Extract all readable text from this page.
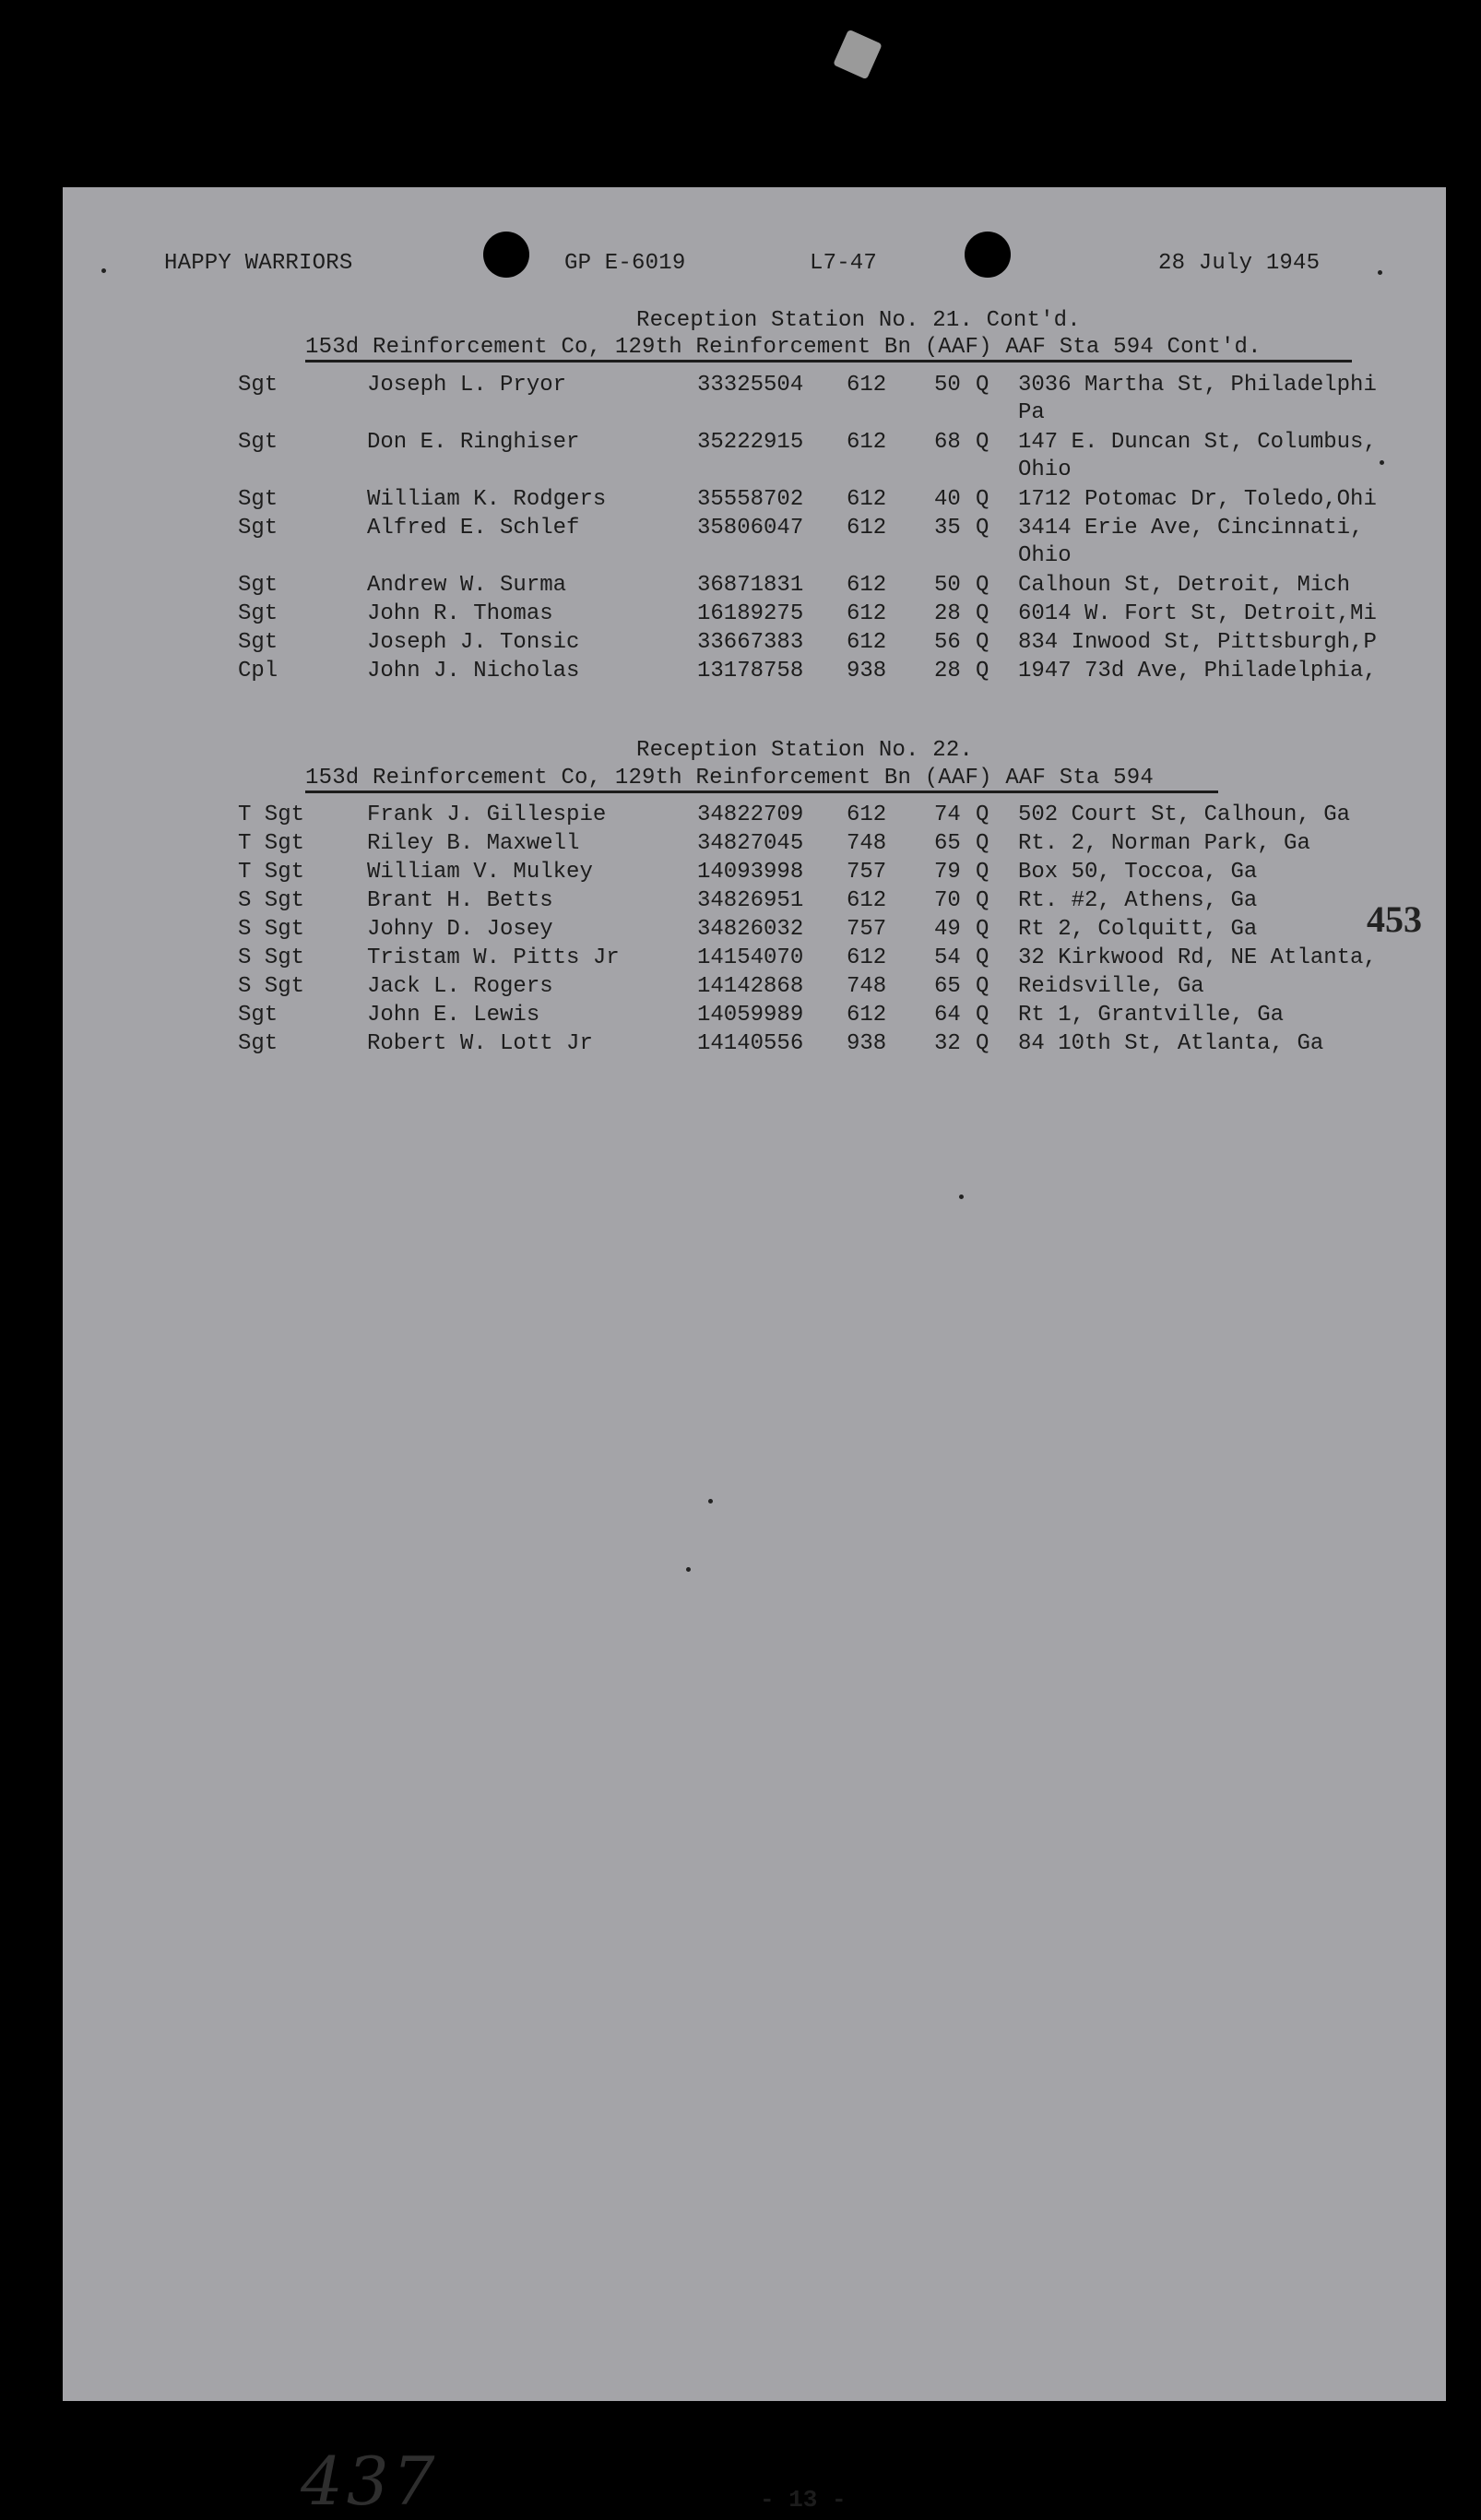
HAPPY WARRIORS	GP E-6019	L7-47	28 July 1945
Reception Station No. 21. Cont'd.
153d Reinforcement Co, 129th Reinforcement Bn (AAF) AAF Sta 594 Cont'd.
Sgt	Joseph L. Pryor	33325504 612 50 Q 3036 Martha St, Philadelphi
Pa
Sgt	Don E. Ringhiser	35222915 612 68 Q 147 E. Duncan St, Columbus,
Ohio
Sgt	William K. Rodgers	35558702 612 40 Q 1712 Potomac Dr, Toledo,Ohi
Sgt	Alfred E. Schlef	35806047 612 35 Q 3414 Erie Ave, Cincinnati,
Ohio
Sgt	Andrew W. Surma	36871831 612 50 Q Calhoun St, Detroit, Mich
Sgt	John R. Thomas	16189275 612 28 Q 6014 W. Fort St, Detroit,Mi
Sgt	Joseph J. Tonsic	33667383 612 56 Q 834 Inwood St, Pittsburgh,P
Cpl	John J. Nicholas	13178758 938 28 Q 1947 73d Ave, Philadelphia,
453
Reception Station No. 22.
153d Reinforcement Co, 129th Reinforcement Bn (AAF) AAF Sta 594
T Sgt	Frank J. Gillespie	34822709 612 74 Q 502 Court St, Calhoun, Ga
T Sgt	Riley B. Maxwell	34827045 748 65 Q Rt. 2, Norman Park, Ga
T Sgt	William V. Mulkey	14093998 757 79 Q Box 50, Toccoa, Ga
S Sgt	Brant H. Betts	34826951 612 70 Q Rt. #2, Athens, Ga
S Sgt	Johny D. Josey	34826032 757 49 Q Rt 2, Colquitt, Ga
S Sgt	Tristam W. Pitts Jr	14154070 612 54 Q 32 Kirkwood Rd, NE Atlanta,
S Sgt	Jack L. Rogers	14142868 748 65 Q Reidsville, Ga
Sgt	John E. Lewis	14059989 612 64 Q Rt 1, Grantville, Ga
Sgt	Robert W. Lott Jr	14140556 938 32 Q 84 10th St, Atlanta, Ga
437	- 13 -
